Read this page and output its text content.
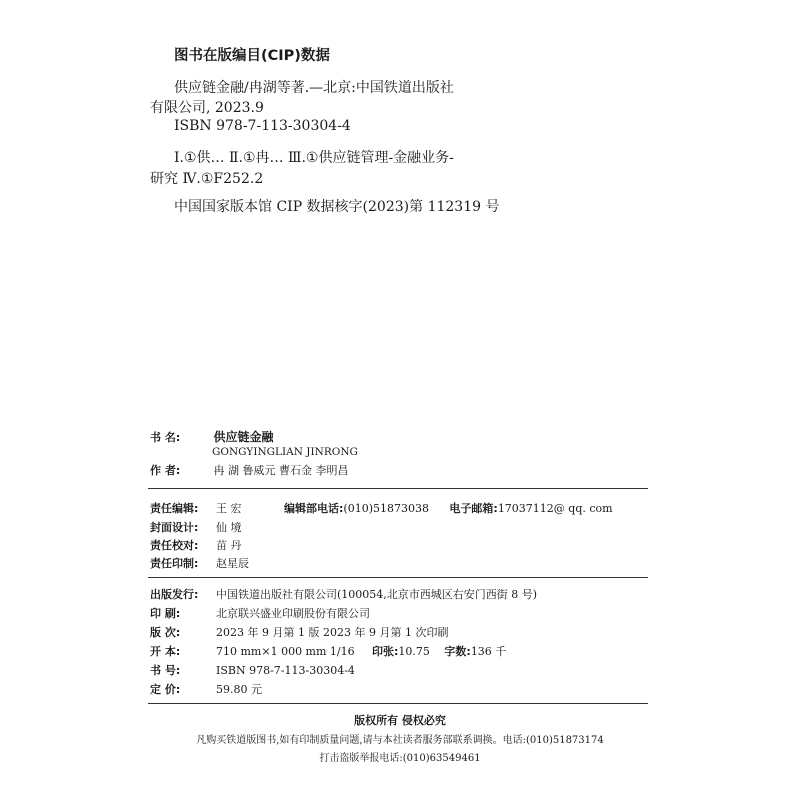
图书在版编目(CIP)数据
供应链金融/冉湖等著.—北京:中国铁道出版社
有限公司, 2023.9
ISBN 978-7-113-30304-4
Ⅰ.①供… Ⅱ.①冉… Ⅲ.①供应链管理-金融业务-
研究 Ⅳ.①F252.2
中国国家版本馆 CIP 数据核字(2023)第 112319 号
书 名:	供应链金融
GONGYINGLIAN JINRONG
作 者:	冉 湖 鲁威元 曹石金 李明昌
责任编辑: 王 宏	编辑部电话:(010)51873038 电子邮箱:17037112@ qq. com
封面设计: 仙 境
责任校对: 苗 丹
责任印制: 赵星辰
出版发行: 中国铁道出版社有限公司(100054,北京市西城区右安门西街 8 号)
印 刷:	北京联兴盛业印刷股份有限公司
版 次:	2023 年 9 月第 1 版 2023 年 9 月第 1 次印刷
开 本:	710 mm×1 000 mm 1/16 印张:10.75 字数:136 千
书 号:	ISBN 978-7-113-30304-4
定 价:	59.80 元
版权所有 侵权必究
凡购买铁道版图书,如有印制质量问题,请与本社读者服务部联系调换。电话:(010)51873174
打击盗版举报电话:(010)63549461
